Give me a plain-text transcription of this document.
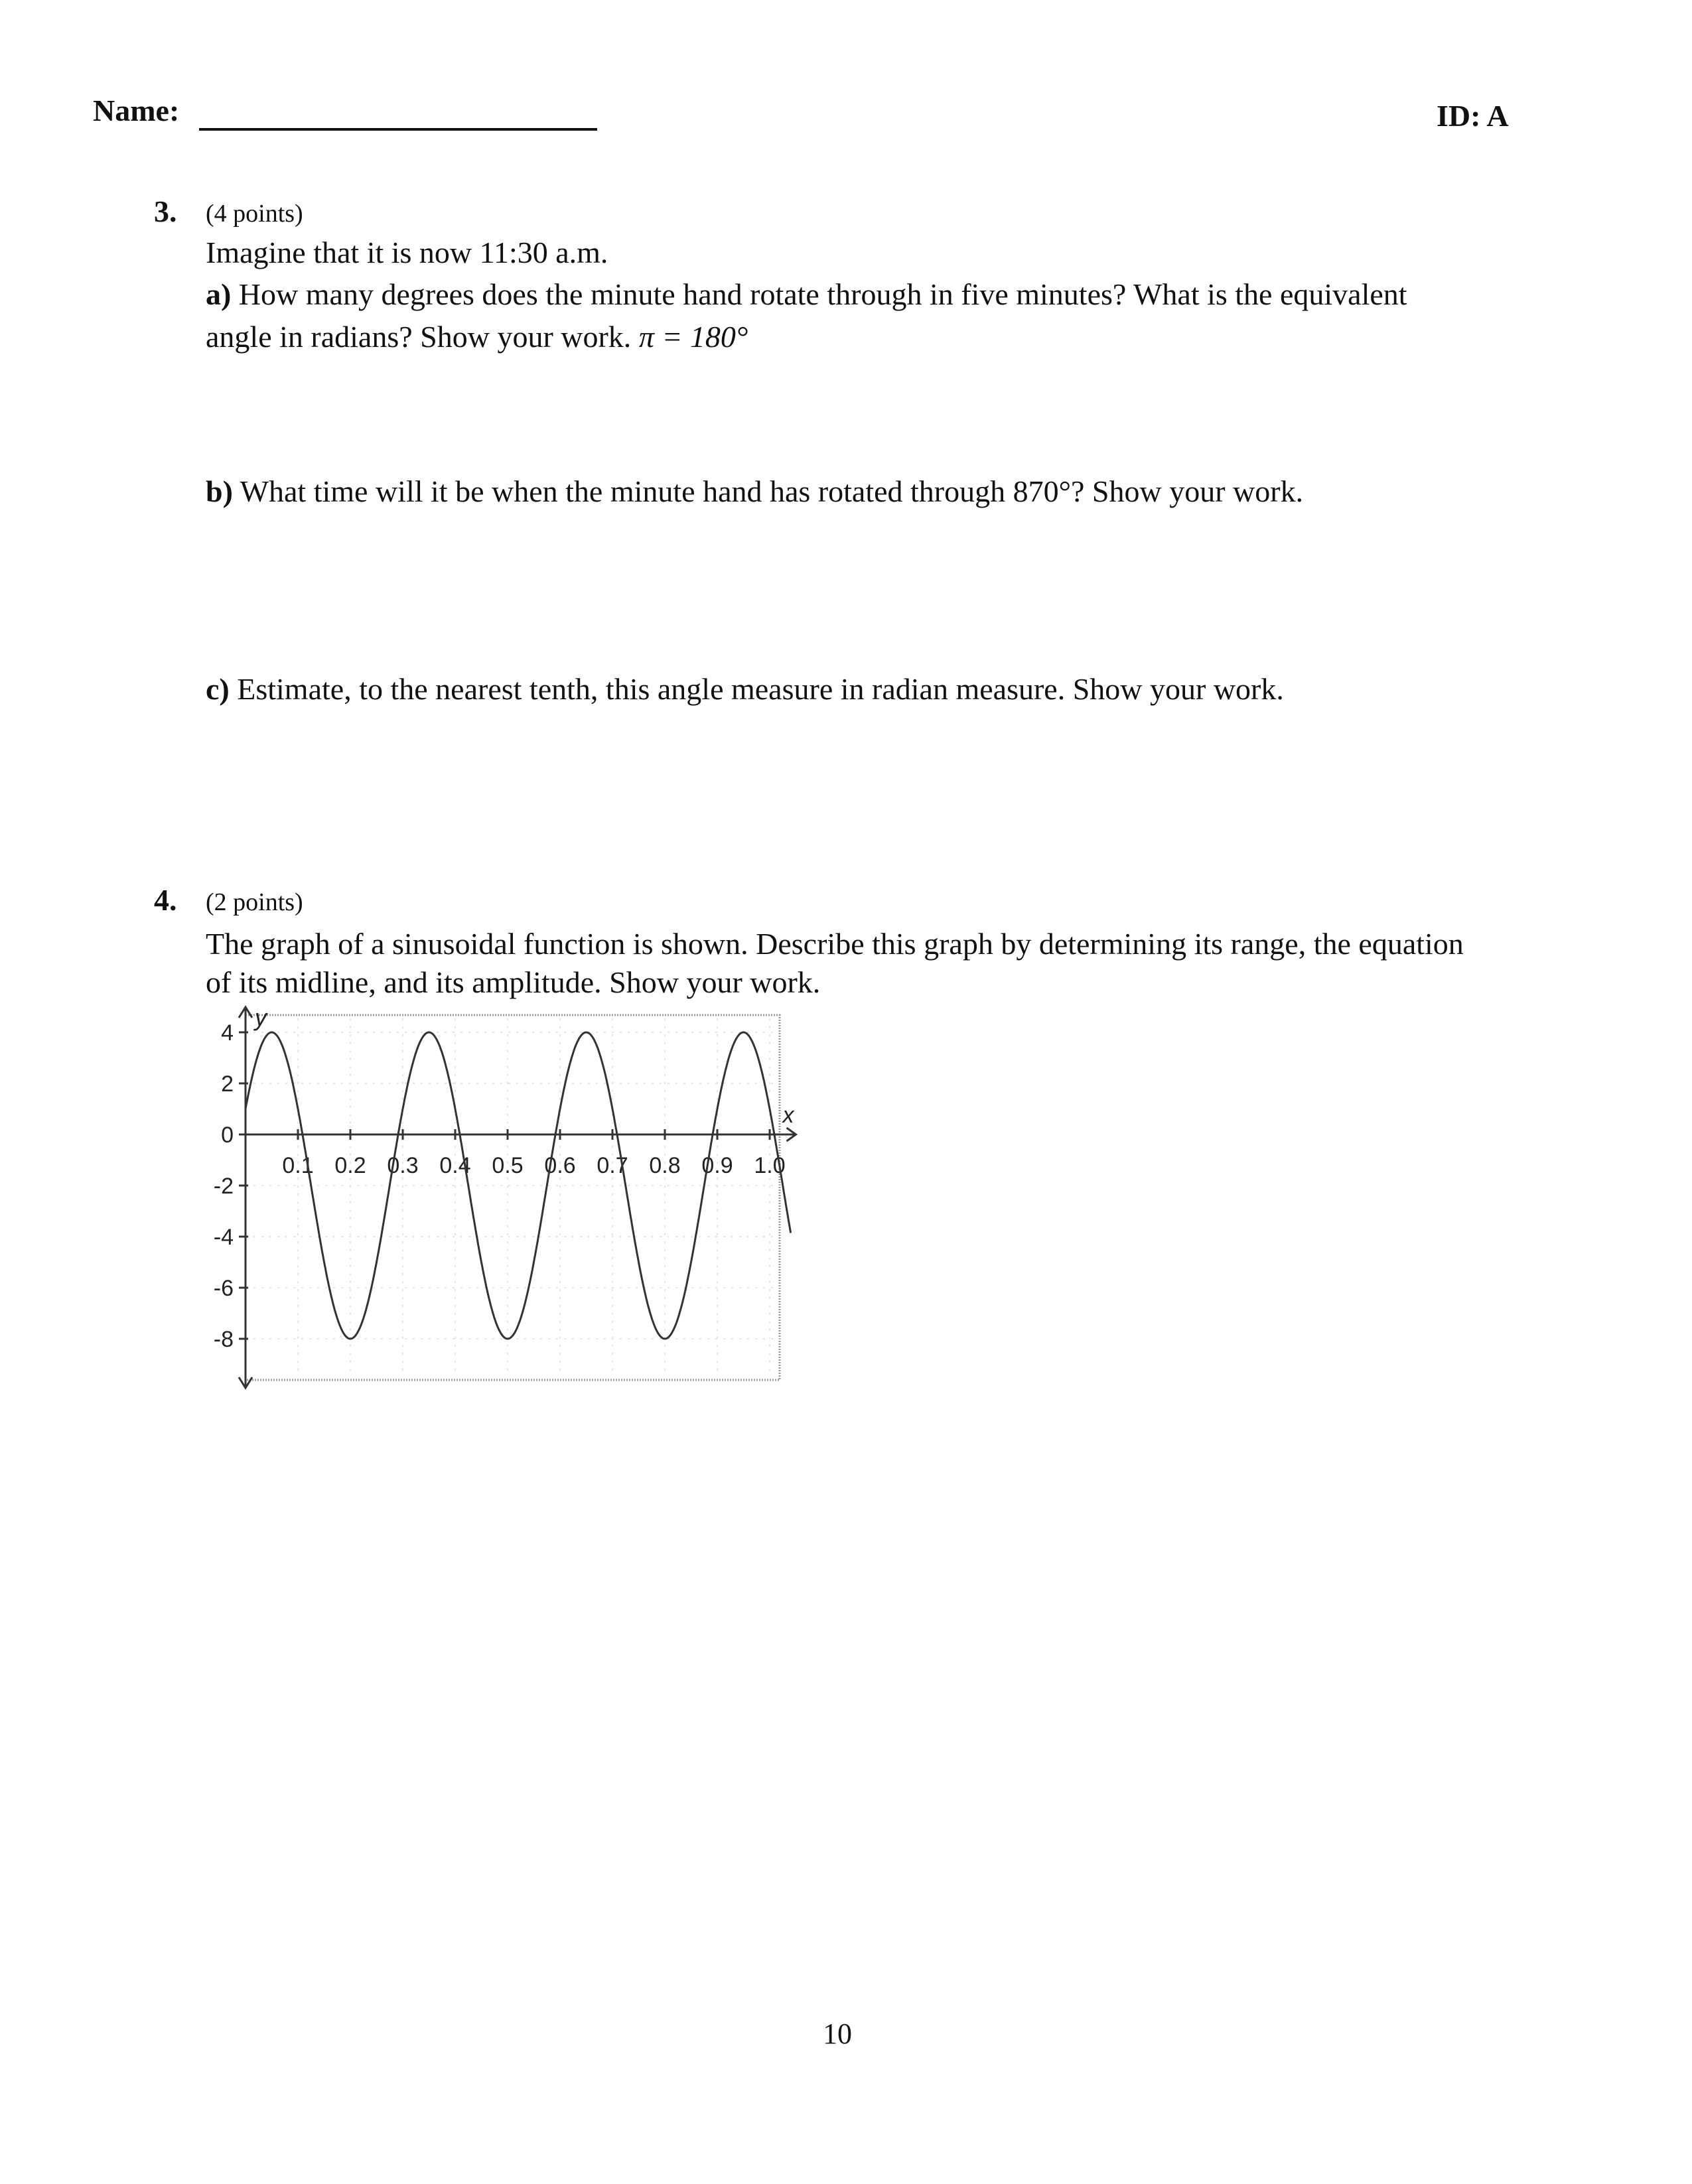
Name:	ID: A
3. (4 points)
Imagine that it is now 11:30 a.m.
a) How many degrees does the minute hand rotate through in five minutes? What is the equivalent
angle in radians? Show your work. π = 180°
b) What time will it be when the minute hand has rotated through 870°? Show your work.
c) Estimate, to the nearest tenth, this angle measure in radian measure. Show your work.
4. (2 points)
The graph of a sinusoidal function is shown. Describe this graph by determining its range, the equation
of its midline, and its amplitude. Show your work.
y
x
4
2
0
-2
-4
-6
-8
0.1 0.2 0.3 0.4 0.5 0.6 0.7 0.8 0.9 1.0
10
